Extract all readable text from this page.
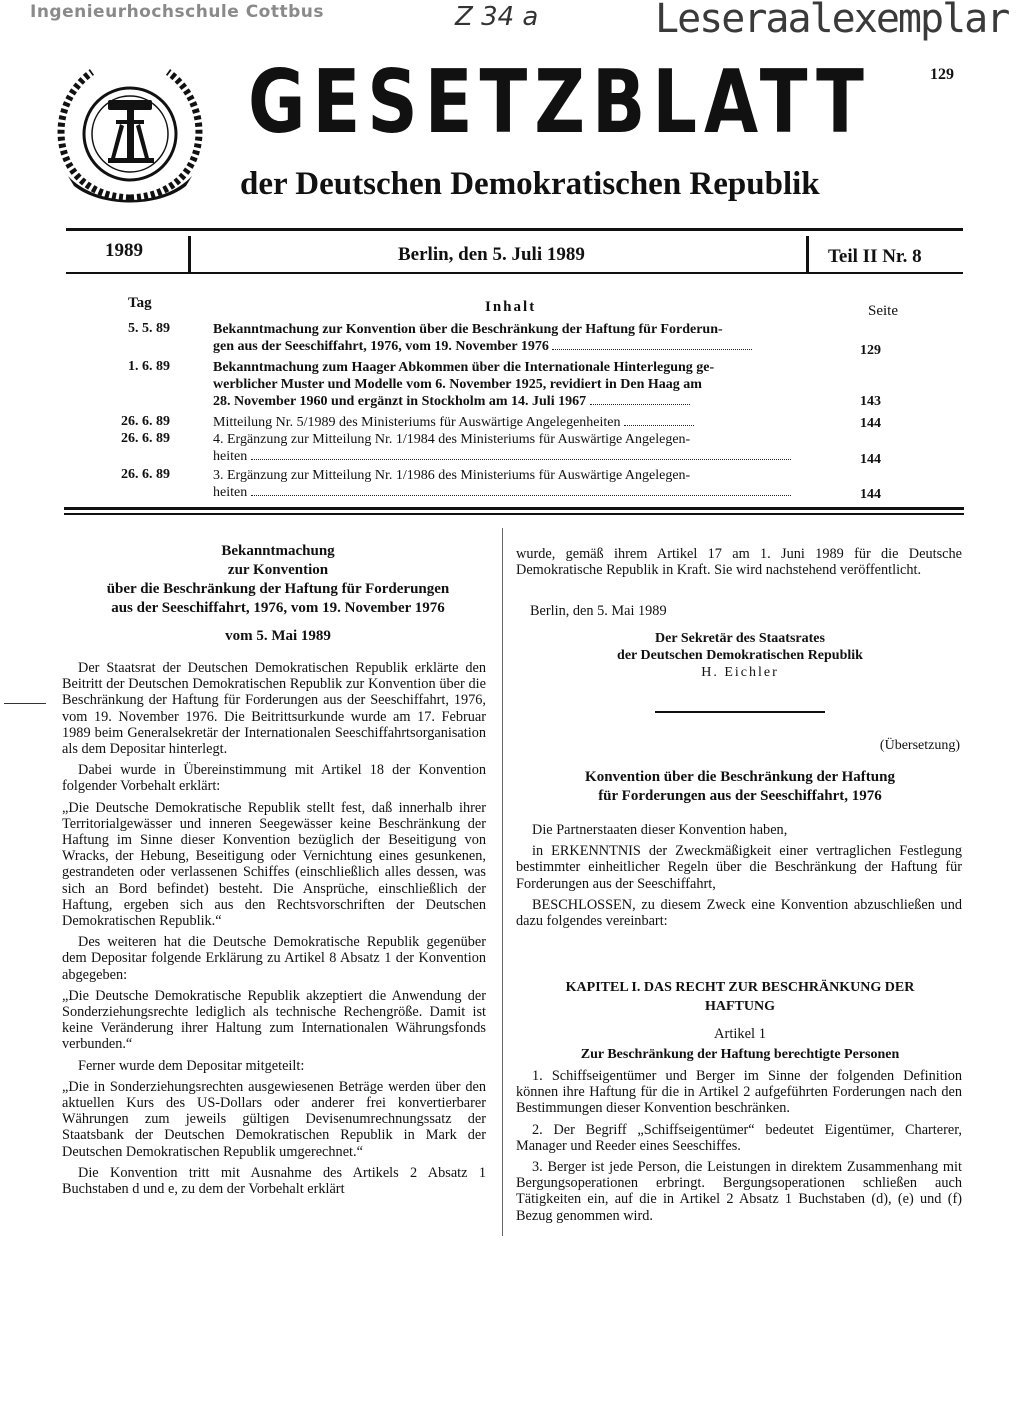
Ingenieurhochschule Cottbus	Z 34 a	Leseraalexemplar
129
GESETZBLATT
der Deutschen Demokratischen Republik
1989	Berlin, den 5. Juli 1989	Teil II Nr. 8
Tag	Inhalt	Seite
5. 5. 89	Bekanntmachung zur Konvention über die Beschränkung der Haftung für Forderun-
gen aus der Seeschiffahrt, 1976, vom 19. November 1976	129
1. 6. 89	Bekanntmachung zum Haager Abkommen über die Internationale Hinterlegung ge-
werblicher Muster und Modelle vom 6. November 1925, revidiert in Den Haag am
28. November 1960 und ergänzt in Stockholm am 14. Juli 1967	143
26. 6. 89	Mitteilung Nr. 5/1989 des Ministeriums für Auswärtige Angelegenheiten	144
26. 6. 89	4. Ergänzung zur Mitteilung Nr. 1/1984 des Ministeriums für Auswärtige Angelegen-
heiten	144
26. 6. 89	3. Ergänzung zur Mitteilung Nr. 1/1986 des Ministeriums für Auswärtige Angelegen-
heiten	144
Bekanntmachung
zur Konvention
über die Beschränkung der Haftung für Forderungen
aus der Seeschiffahrt, 1976, vom 19. November 1976
vom 5. Mai 1989

Der Staatsrat der Deutschen Demokratischen Republik erklärte den Beitritt der Deutschen Demokratischen Republik zur Konvention über die Beschränkung der Haftung für Forderungen aus der Seeschiffahrt, 1976, vom 19. November 1976. Die Beitrittsurkunde wurde am 17. Februar 1989 beim Generalsekretär der Internationalen Seeschiffahrtsorganisation als dem Depositar hinterlegt.

Dabei wurde in Übereinstimmung mit Artikel 18 der Konvention folgender Vorbehalt erklärt:

„Die Deutsche Demokratische Republik stellt fest, daß innerhalb ihrer Territorialgewässer und inneren Seegewässer keine Beschränkung der Haftung im Sinne dieser Konvention bezüglich der Beseitigung von Wracks, der Hebung, Beseitigung oder Vernichtung eines gesunkenen, gestrandeten oder verlassenen Schiffes (einschließlich alles dessen, was sich an Bord befindet) besteht. Die Ansprüche, einschließlich der Haftung, ergeben sich aus den Rechtsvorschriften der Deutschen Demokratischen Republik.“

Des weiteren hat die Deutsche Demokratische Republik gegenüber dem Depositar folgende Erklärung zu Artikel 8 Absatz 1 der Konvention abgegeben:

„Die Deutsche Demokratische Republik akzeptiert die Anwendung der Sonderziehungsrechte lediglich als technische Rechengröße. Damit ist keine Veränderung ihrer Haltung zum Internationalen Währungsfonds verbunden.“

Ferner wurde dem Depositar mitgeteilt:

„Die in Sonderziehungsrechten ausgewiesenen Beträge werden über den aktuellen Kurs des US-Dollars oder anderer frei konvertierbarer Währungen zum jeweils gültigen Devisenumrechnungssatz der Staatsbank der Deutschen Demokratischen Republik in Mark der Deutschen Demokratischen Republik umgerechnet.“

Die Konvention tritt mit Ausnahme des Artikels 2 Absatz 1 Buchstaben d und e, zu dem der Vorbehalt erklärt

wurde, gemäß ihrem Artikel 17 am 1. Juni 1989 für die Deutsche Demokratische Republik in Kraft. Sie wird nachstehend veröffentlicht.

Berlin, den 5. Mai 1989

Der Sekretär des Staatsrates
der Deutschen Demokratischen Republik
H. Eichler
(Übersetzung)
Konvention über die Beschränkung der Haftung
für Forderungen aus der Seeschiffahrt, 1976

Die Partnerstaaten dieser Konvention haben,

in ERKENNTNIS der Zweckmäßigkeit einer vertraglichen Festlegung bestimmter einheitlicher Regeln über die Beschränkung der Haftung für Forderungen aus der Seeschiffahrt,

BESCHLOSSEN, zu diesem Zweck eine Konvention abzuschließen und dazu folgendes vereinbart:

KAPITEL I. DAS RECHT ZUR BESCHRÄNKUNG DER
HAFTUNG
Artikel 1
Zur Beschränkung der Haftung berechtigte Personen

1. Schiffseigentümer und Berger im Sinne der folgenden Definition können ihre Haftung für die in Artikel 2 aufgeführten Forderungen nach den Bestimmungen dieser Konvention beschränken.

2. Der Begriff „Schiffseigentümer“ bedeutet Eigentümer, Charterer, Manager und Reeder eines Seeschiffes.

3. Berger ist jede Person, die Leistungen in direktem Zusammenhang mit Bergungsoperationen erbringt. Bergungsoperationen schließen auch Tätigkeiten ein, auf die in Artikel 2 Absatz 1 Buchstaben (d), (e) und (f) Bezug genommen wird.
